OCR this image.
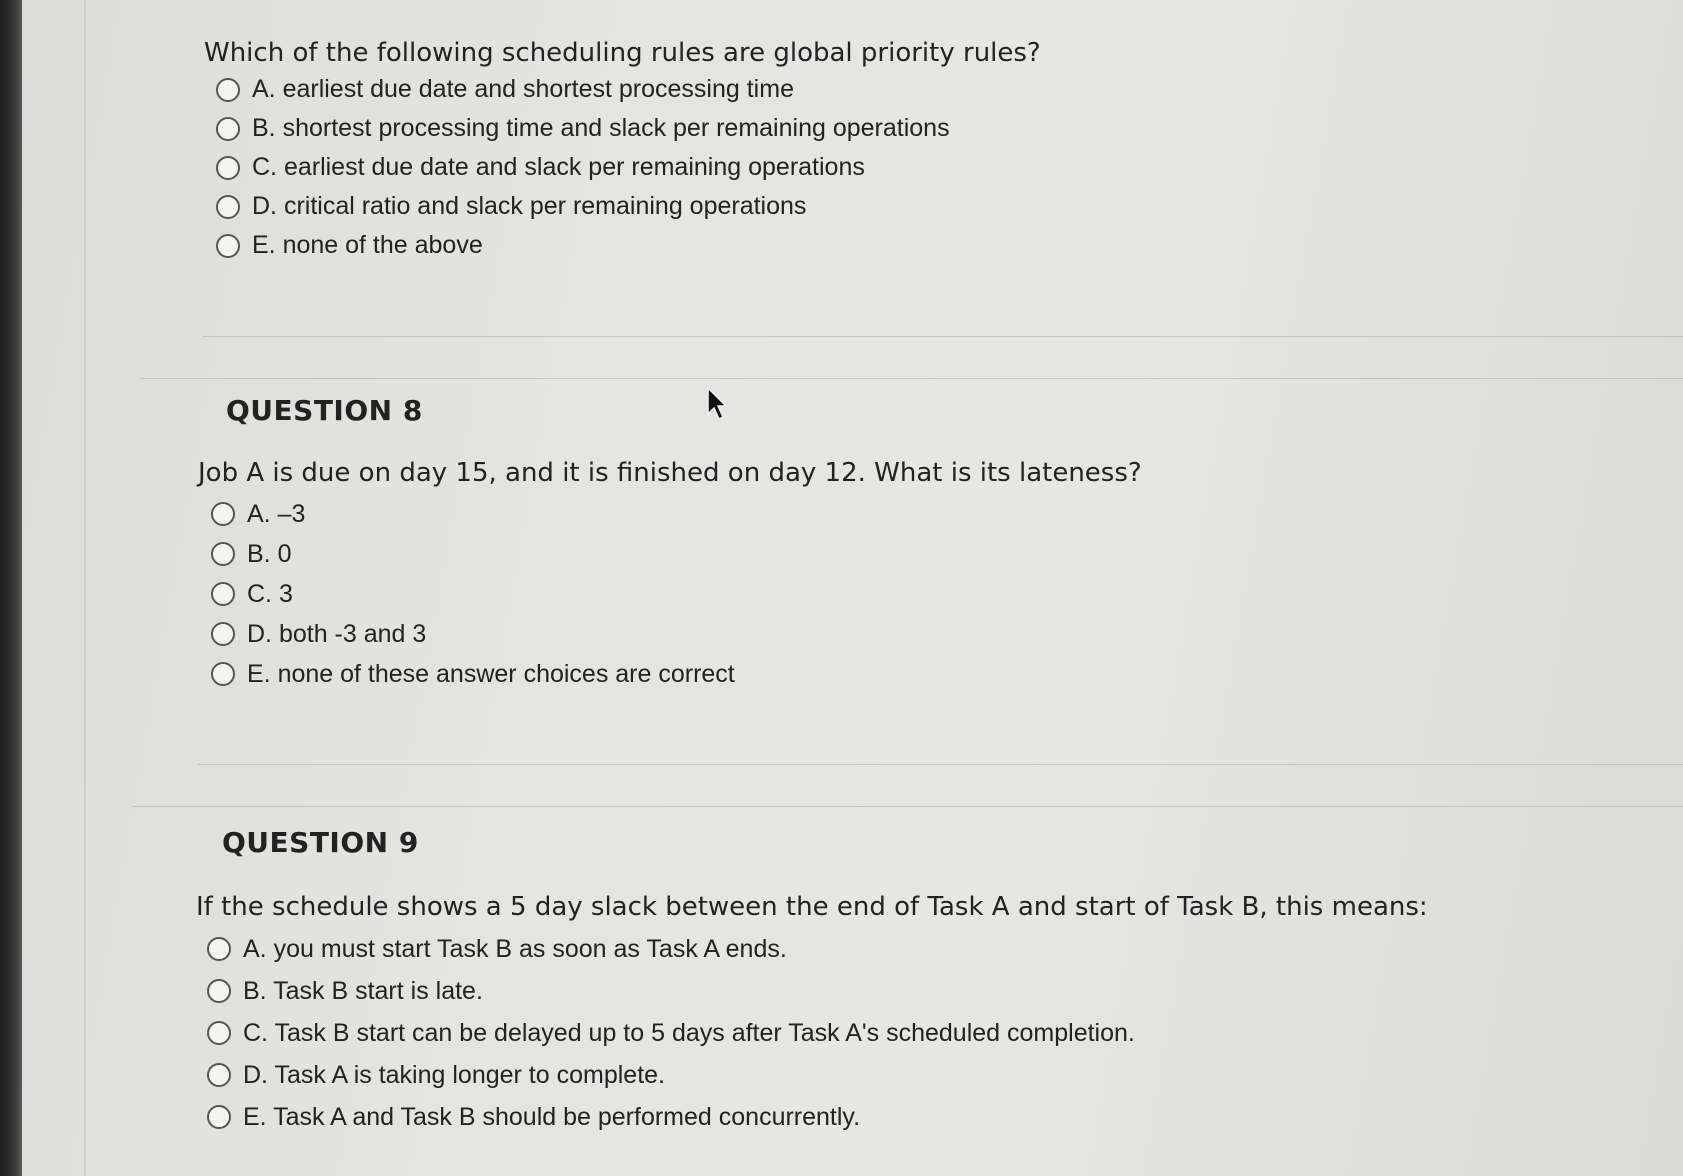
Which of the following scheduling rules are global priority rules?

A. earliest due date and shortest processing time
B. shortest processing time and slack per remaining operations
C. earliest due date and slack per remaining operations
D. critical ratio and slack per remaining operations
E. none of the above
QUESTION 8

Job A is due on day 15, and it is finished on day 12. What is its lateness?

A. –3
B. 0
C. 3
D. both -3 and 3
E. none of these answer choices are correct
QUESTION 9

If the schedule shows a 5 day slack between the end of Task A and start of Task B, this means:

A. you must start Task B as soon as Task A ends.
B. Task B start is late.
C. Task B start can be delayed up to 5 days after Task A's scheduled completion.
D. Task A is taking longer to complete.
E. Task A and Task B should be performed concurrently.
